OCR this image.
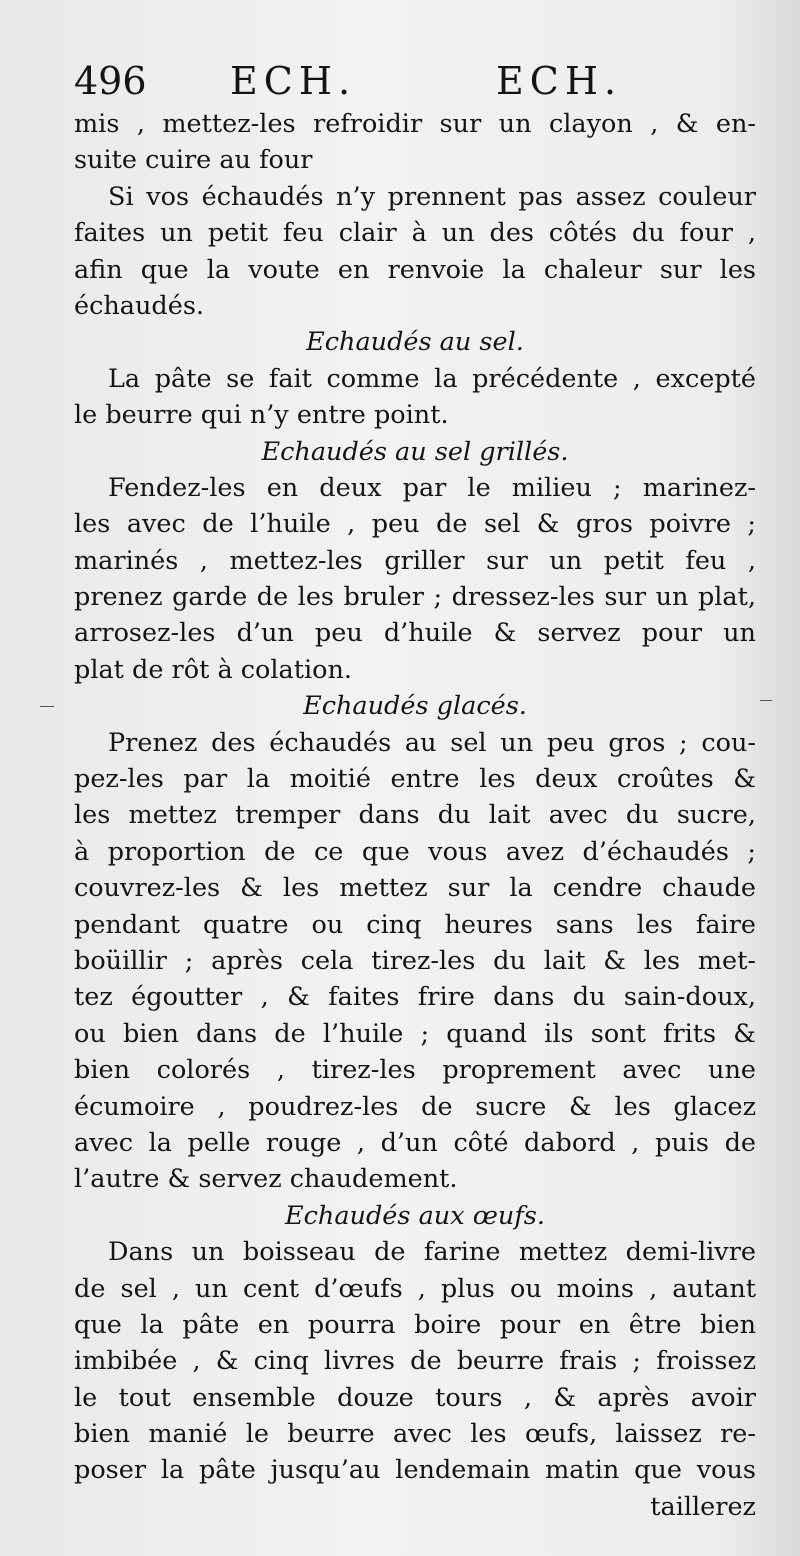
496 ECH.	ECH.
mis , mettez-les refroidir sur un clayon , & en-
suite cuire au four
Si vos échaudés n’y prennent pas assez couleur
faites un petit feu clair à un des côtés du four ,
afin que la voute en renvoie la chaleur sur les
échaudés.
Echaudés au sel.
La pâte se fait comme la précédente , excepté
le beurre qui n’y entre point.
Echaudés au sel grillés.
Fendez-les en deux par le milieu ; marinez-
les avec de l’huile , peu de sel & gros poivre ;
marinés , mettez-les griller sur un petit feu ,
prenez garde de les bruler ; dressez-les sur un plat,
arrosez-les d’un peu d’huile & servez pour un
plat de rôt à colation.
Echaudés glacés.
Prenez des échaudés au sel un peu gros ; cou-
pez-les par la moitié entre les deux croûtes &
les mettez tremper dans du lait avec du sucre,
à proportion de ce que vous avez d’échaudés ;
couvrez-les & les mettez sur la cendre chaude
pendant quatre ou cinq heures sans les faire
boüillir ; après cela tirez-les du lait & les met-
tez égoutter , & faites frire dans du sain-doux,
ou bien dans de l’huile ; quand ils sont frits &
bien colorés , tirez-les proprement avec une
écumoire , poudrez-les de sucre & les glacez
avec la pelle rouge , d’un côté dabord , puis de
l’autre & servez chaudement.
Echaudés aux œufs.
Dans un boisseau de farine mettez demi-livre
de sel , un cent d’œufs , plus ou moins , autant
que la pâte en pourra boire pour en être bien
imbibée , & cinq livres de beurre frais ; froissez
le tout ensemble douze tours , & après avoir
bien manié le beurre avec les œufs, laissez re-
poser la pâte jusqu’au lendemain matin que vous
taillerez
